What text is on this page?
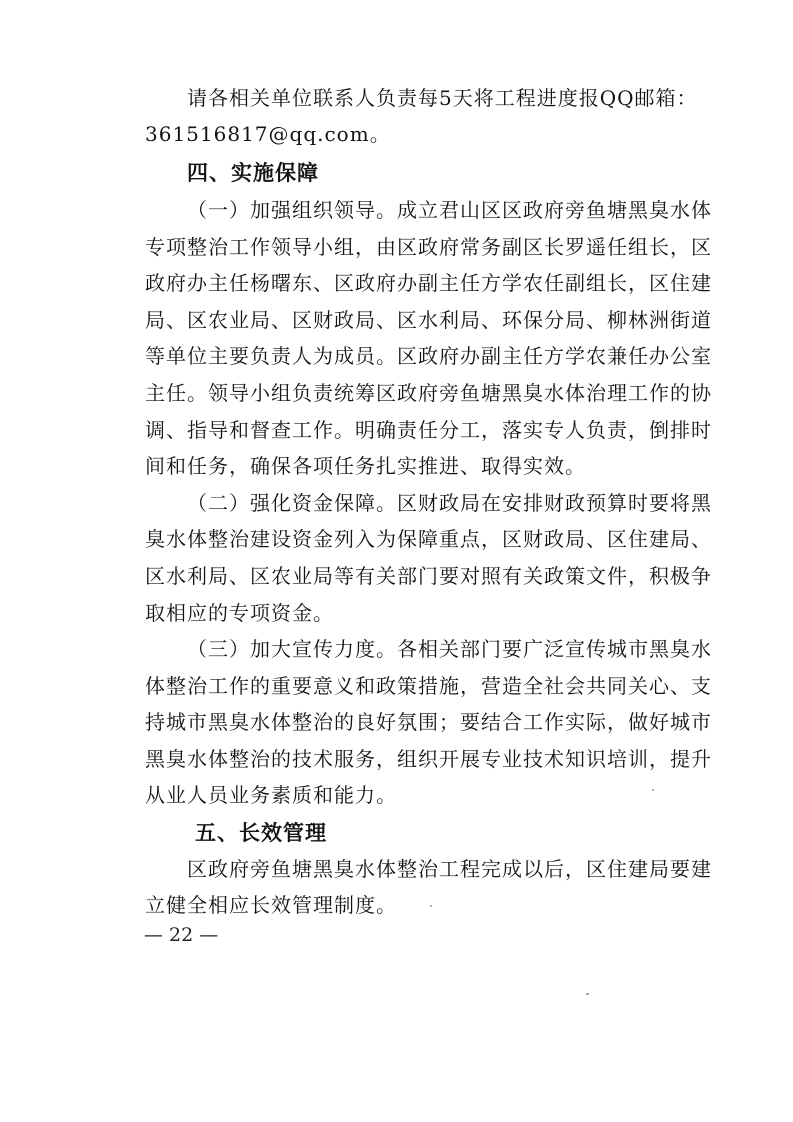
请各相关单位联系人负责每5天将工程进度报QQ邮箱：
361516817@qq.com。
四、实施保障
（一）加强组织领导。成立君山区区政府旁鱼塘黑臭水体
专项整治工作领导小组，由区政府常务副区长罗遥任组长，区
政府办主任杨曙东、区政府办副主任方学农任副组长，区住建
局、区农业局、区财政局、区水利局、环保分局、柳林洲街道
等单位主要负责人为成员。区政府办副主任方学农兼任办公室
主任。领导小组负责统筹区政府旁鱼塘黑臭水体治理工作的协
调、指导和督查工作。明确责任分工，落实专人负责，倒排时
间和任务，确保各项任务扎实推进、取得实效。
（二）强化资金保障。区财政局在安排财政预算时要将黑
臭水体整治建设资金列入为保障重点，区财政局、区住建局、
区水利局、区农业局等有关部门要对照有关政策文件，积极争
取相应的专项资金。
（三）加大宣传力度。各相关部门要广泛宣传城市黑臭水
体整治工作的重要意义和政策措施，营造全社会共同关心、支
持城市黑臭水体整治的良好氛围；要结合工作实际，做好城市
黑臭水体整治的技术服务，组织开展专业技术知识培训，提升
从业人员业务素质和能力。
五、长效管理
区政府旁鱼塘黑臭水体整治工程完成以后，区住建局要建
立健全相应长效管理制度。
— 22 —
